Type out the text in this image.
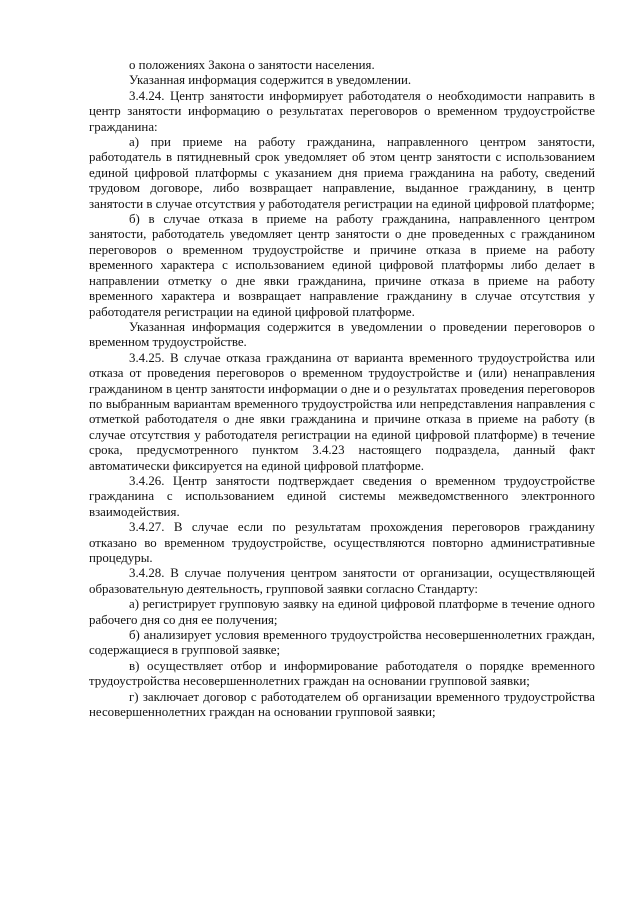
о положениях Закона о занятости населения.

Указанная информация содержится в уведомлении.

3.4.24. Центр занятости информирует работодателя о необходимости направить в центр занятости информацию о результатах переговоров о временном трудоустройстве гражданина:

а) при приеме на работу гражданина, направленного центром занятости, работодатель в пятидневный срок уведомляет об этом центр занятости с использованием единой цифровой платформы с указанием дня приема гражданина на работу, сведений трудовом договоре, либо возвращает направление, выданное гражданину, в центр занятости в случае отсутствия у работодателя регистрации на единой цифровой платформе;

б) в случае отказа в приеме на работу гражданина, направленного центром занятости, работодатель уведомляет центр занятости о дне проведенных с гражданином переговоров о временном трудоустройстве и причине отказа в приеме на работу временного характера с использованием единой цифровой платформы либо делает в направлении отметку о дне явки гражданина, причине отказа в приеме на работу временного характера и возвращает направление гражданину в случае отсутствия у работодателя регистрации на единой цифровой платформе.

Указанная информация содержится в уведомлении о проведении переговоров о временном трудоустройстве.

3.4.25. В случае отказа гражданина от варианта временного трудоустройства или отказа от проведения переговоров о временном трудоустройстве и (или) ненаправления гражданином в центр занятости информации о дне и о результатах проведения переговоров по выбранным вариантам временного трудоустройства или непредставления направления с отметкой работодателя о дне явки гражданина и причине отказа в приеме на работу (в случае отсутствия у работодателя регистрации на единой цифровой платформе) в течение срока, предусмотренного пунктом 3.4.23 настоящего подраздела, данный факт автоматически фиксируется на единой цифровой платформе.

3.4.26. Центр занятости подтверждает сведения о временном трудоустройстве гражданина с использованием единой системы межведомственного электронного взаимодействия.

3.4.27. В случае если по результатам прохождения переговоров гражданину отказано во временном трудоустройстве, осуществляются повторно административные процедуры.

3.4.28. В случае получения центром занятости от организации, осуществляющей образовательную деятельность, групповой заявки согласно Стандарту:

а) регистрирует групповую заявку на единой цифровой платформе в течение одного рабочего дня со дня ее получения;

б) анализирует условия временного трудоустройства несовершеннолетних граждан, содержащиеся в групповой заявке;

в) осуществляет отбор и информирование работодателя о порядке временного трудоустройства несовершеннолетних граждан на основании групповой заявки;

г) заключает договор с работодателем об организации временного трудоустройства несовершеннолетних граждан на основании групповой заявки;
